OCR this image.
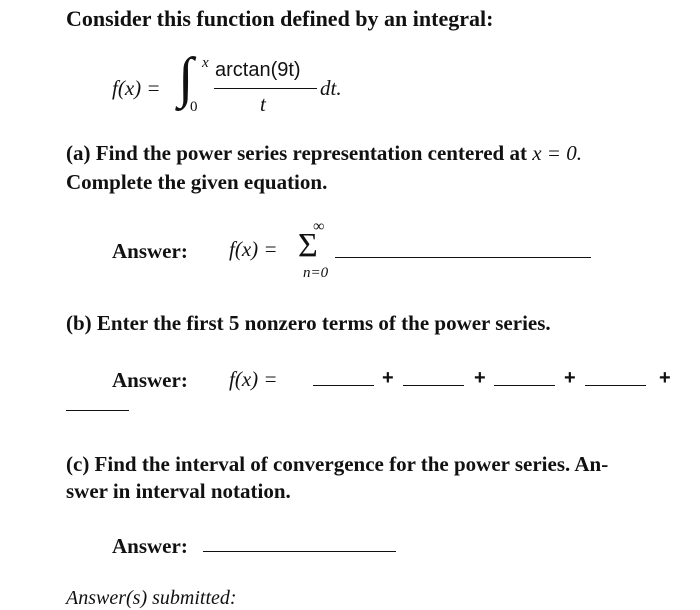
Consider this function defined by an integral:
f(x) = ∫ x
0
arctan(9t)
t
dt.
(a) Find the power series representation centered at x = 0.
Complete the given equation.
Answer: f(x) =
∞
Σ
n=0
(b) Enter the first 5 nonzero terms of the power series.
Answer: f(x) =	+	+	+	+
(c) Find the interval of convergence for the power series. An-
swer in interval notation.
Answer:
Answer(s) submitted:
